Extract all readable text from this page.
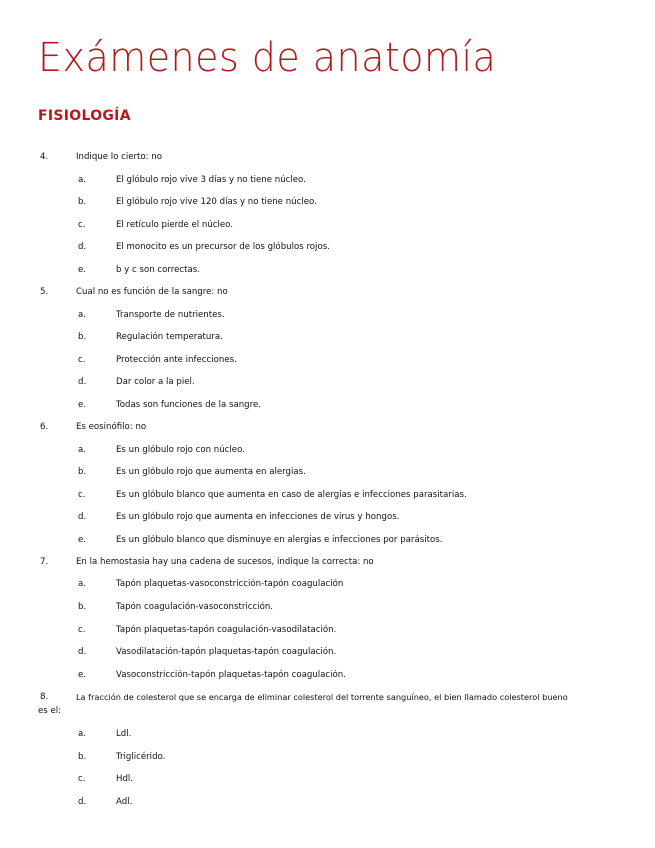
Exámenes de anatomía
FISIOLOGÍA
4.	Indique lo cierto: no
a.	El glóbulo rojo vive 3 días y no tiene núcleo.
b.	El glóbulo rojo vive 120 días y no tiene núcleo.
c.	El retículo pierde el núcleo.
d.	El monocito es un precursor de los glóbulos rojos.
e.	b y c son correctas.
5.	Cual no es función de la sangre: no
a.	Transporte de nutrientes.
b.	Regulación temperatura.
c.	Protección ante infecciones.
d.	Dar color a la piel.
e.	Todas son funciones de la sangre.
6.	Es eosinófilo: no
a.	Es un glóbulo rojo con núcleo.
b.	Es un glóbulo rojo que aumenta en alergias.
c.	Es un glóbulo blanco que aumenta en caso de alergias e infecciones parasitarias.
d.	Es un glóbulo rojo que aumenta en infecciones de virus y hongos.
e.	Es un glóbulo blanco que disminuye en alergias e infecciones por parásitos.
7.	En la hemostasia hay una cadena de sucesos, indique la correcta: no
a.	Tapón plaquetas-vasoconstricción-tapón coagulación
b.	Tapón coagulación-vasoconstricción.
c.	Tapón plaquetas-tapón coagulación-vasodilatación.
d.	Vasodilatación-tapón plaquetas-tapón coagulación.
e.	Vasoconstricción-tapón plaquetas-tapón coagulación.
8.	La fracción de colesterol que se encarga de eliminar colesterol del torrente sanguíneo, el bien llamado colesterol bueno
es el:
a.	Ldl.
b.	Triglicérido.
c.	Hdl.
d.	Adl.
